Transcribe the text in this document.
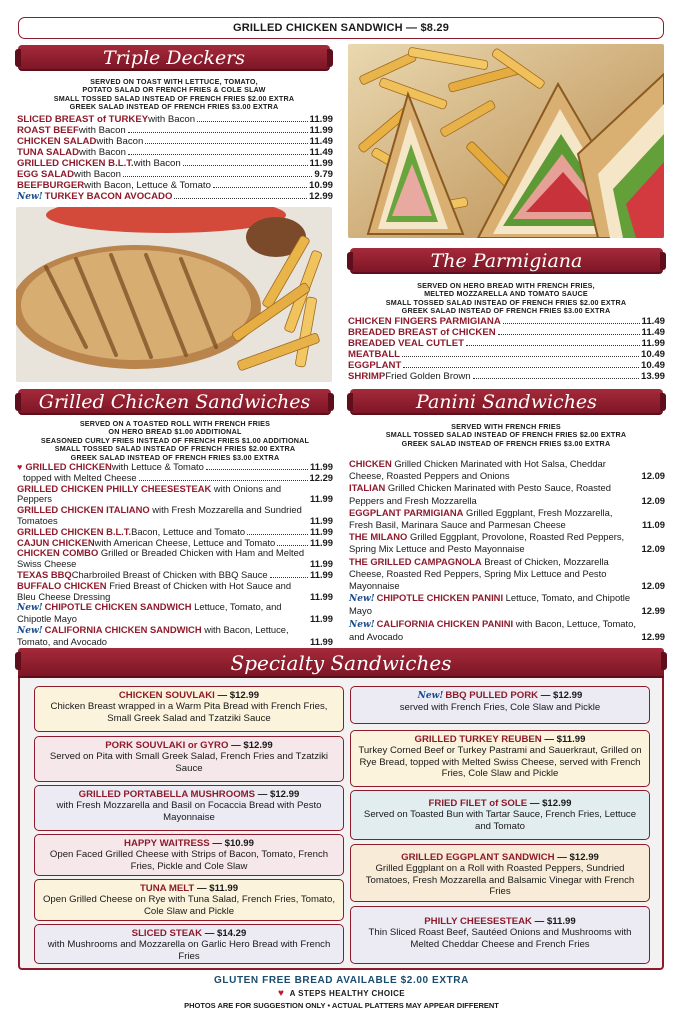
GRILLED CHICKEN SANDWICH — $8.29
Triple Deckers
SERVED ON TOAST WITH LETTUCE, TOMATO,
POTATO SALAD OR FRENCH FRIES & COLE SLAW
SMALL TOSSED SALAD INSTEAD OF FRENCH FRIES $2.00 EXTRA
GREEK SALAD INSTEAD OF FRENCH FRIES $3.00 EXTRA
SLICED BREAST of TURKEY with Bacon	11.99
ROAST BEEF with Bacon	11.99
CHICKEN SALAD with Bacon	11.49
TUNA SALAD with Bacon	11.49
GRILLED CHICKEN B.L.T. with Bacon	11.99
EGG SALAD with Bacon	9.79
BEEFBURGER with Bacon, Lettuce & Tomato	10.99
New! TURKEY BACON AVOCADO	12.99
The Parmigiana
SERVED ON HERO BREAD WITH FRENCH FRIES,
MELTED MOZZARELLA AND TOMATO SAUCE
SMALL TOSSED SALAD INSTEAD OF FRENCH FRIES $2.00 EXTRA
GREEK SALAD INSTEAD OF FRENCH FRIES $3.00 EXTRA
CHICKEN FINGERS PARMIGIANA	11.49
BREADED BREAST of CHICKEN	11.49
BREADED VEAL CUTLET	11.99
MEATBALL	10.49
EGGPLANT	10.49
SHRIMP Fried Golden Brown	13.99
Grilled Chicken Sandwiches
SERVED ON A TOASTED ROLL WITH FRENCH FRIES
ON HERO BREAD $1.00 ADDITIONAL
SEASONED CURLY FRIES INSTEAD OF FRENCH FRIES $1.00 ADDITIONAL
SMALL TOSSED SALAD INSTEAD OF FRENCH FRIES $2.00 EXTRA
GREEK SALAD INSTEAD OF FRENCH FRIES $3.00 EXTRA
♥ GRILLED CHICKEN with Lettuce & Tomato	11.99
topped with Melted Cheese	12.29
GRILLED CHICKEN PHILLY CHEESESTEAK with Onions and Peppers	11.99
GRILLED CHICKEN ITALIANO with Fresh Mozzarella and Sundried Tomatoes	11.99
GRILLED CHICKEN B.L.T. Bacon, Lettuce and Tomato	11.99
CAJUN CHICKEN with American Cheese, Lettuce and Tomato	11.99
CHICKEN COMBO Grilled or Breaded Chicken with Ham and Melted Swiss Cheese	11.99
TEXAS BBQ Charbroiled Breast of Chicken with BBQ Sauce	11.99
BUFFALO CHICKEN Fried Breast of Chicken with Hot Sauce and Bleu Cheese Dressing	11.99
New! CHIPOTLE CHICKEN SANDWICH Lettuce, Tomato, and Chipotle Mayo	11.99
New! CALIFORNIA CHICKEN SANDWICH with Bacon, Lettuce, Tomato, and Avocado	11.99
Panini Sandwiches
SERVED WITH FRENCH FRIES
SMALL TOSSED SALAD INSTEAD OF FRENCH FRIES $2.00 EXTRA
GREEK SALAD INSTEAD OF FRENCH FRIES $3.00 EXTRA
CHICKEN Grilled Chicken Marinated with Hot Salsa, Cheddar Cheese, Roasted Peppers and Onions	12.09
ITALIAN Grilled Chicken Marinated with Pesto Sauce, Roasted Peppers and Fresh Mozzarella	12.09
EGGPLANT PARMIGIANA Grilled Eggplant, Fresh Mozzarella, Fresh Basil, Marinara Sauce and Parmesan Cheese	11.09
THE MILANO Grilled Eggplant, Provolone, Roasted Red Peppers, Spring Mix Lettuce and Pesto Mayonnaise	12.09
THE GRILLED CAMPAGNOLA Breast of Chicken, Mozzarella Cheese, Roasted Red Peppers, Spring Mix Lettuce and Pesto Mayonnaise	12.09
New! CHIPOTLE CHICKEN PANINI Lettuce, Tomato, and Chipotle Mayo	12.99
New! CALIFORNIA CHICKEN PANINI with Bacon, Lettuce, Tomato, and Avocado	12.99
Specialty Sandwiches
CHICKEN SOUVLAKI — $12.99
Chicken Breast wrapped in a Warm Pita Bread with French Fries, Small Greek Salad and Tzatziki Sauce
PORK SOUVLAKI or GYRO — $12.99
Served on Pita with Small Greek Salad, French Fries and Tzatziki Sauce
GRILLED PORTABELLA MUSHROOMS — $12.99
with Fresh Mozzarella and Basil on Focaccia Bread with Pesto Mayonnaise
HAPPY WAITRESS — $10.99
Open Faced Grilled Cheese with Strips of Bacon, Tomato, French Fries, Pickle and Cole Slaw
TUNA MELT — $11.99
Open Grilled Cheese on Rye with Tuna Salad, French Fries, Tomato, Cole Slaw and Pickle
SLICED STEAK — $14.29
with Mushrooms and Mozzarella on Garlic Hero Bread with French Fries
New! BBQ PULLED PORK — $12.99
served with French Fries, Cole Slaw and Pickle
GRILLED TURKEY REUBEN — $11.99
Turkey Corned Beef or Turkey Pastrami and Sauerkraut, Grilled on Rye Bread, topped with Melted Swiss Cheese, served with French Fries, Cole Slaw and Pickle
FRIED FILET of SOLE — $12.99
Served on Toasted Bun with Tartar Sauce, French Fries, Lettuce and Tomato
GRILLED EGGPLANT SANDWICH — $12.99
Grilled Eggplant on a Roll with Roasted Peppers, Sundried Tomatoes, Fresh Mozzarella and Balsamic Vinegar with French Fries
PHILLY CHEESESTEAK — $11.99
Thin Sliced Roast Beef, Sautéed Onions and Mushrooms with Melted Cheddar Cheese and French Fries
GLUTEN FREE BREAD AVAILABLE $2.00 EXTRA
♥ A STEPS HEALTHY CHOICE
PHOTOS ARE FOR SUGGESTION ONLY • ACTUAL PLATTERS MAY APPEAR DIFFERENT
